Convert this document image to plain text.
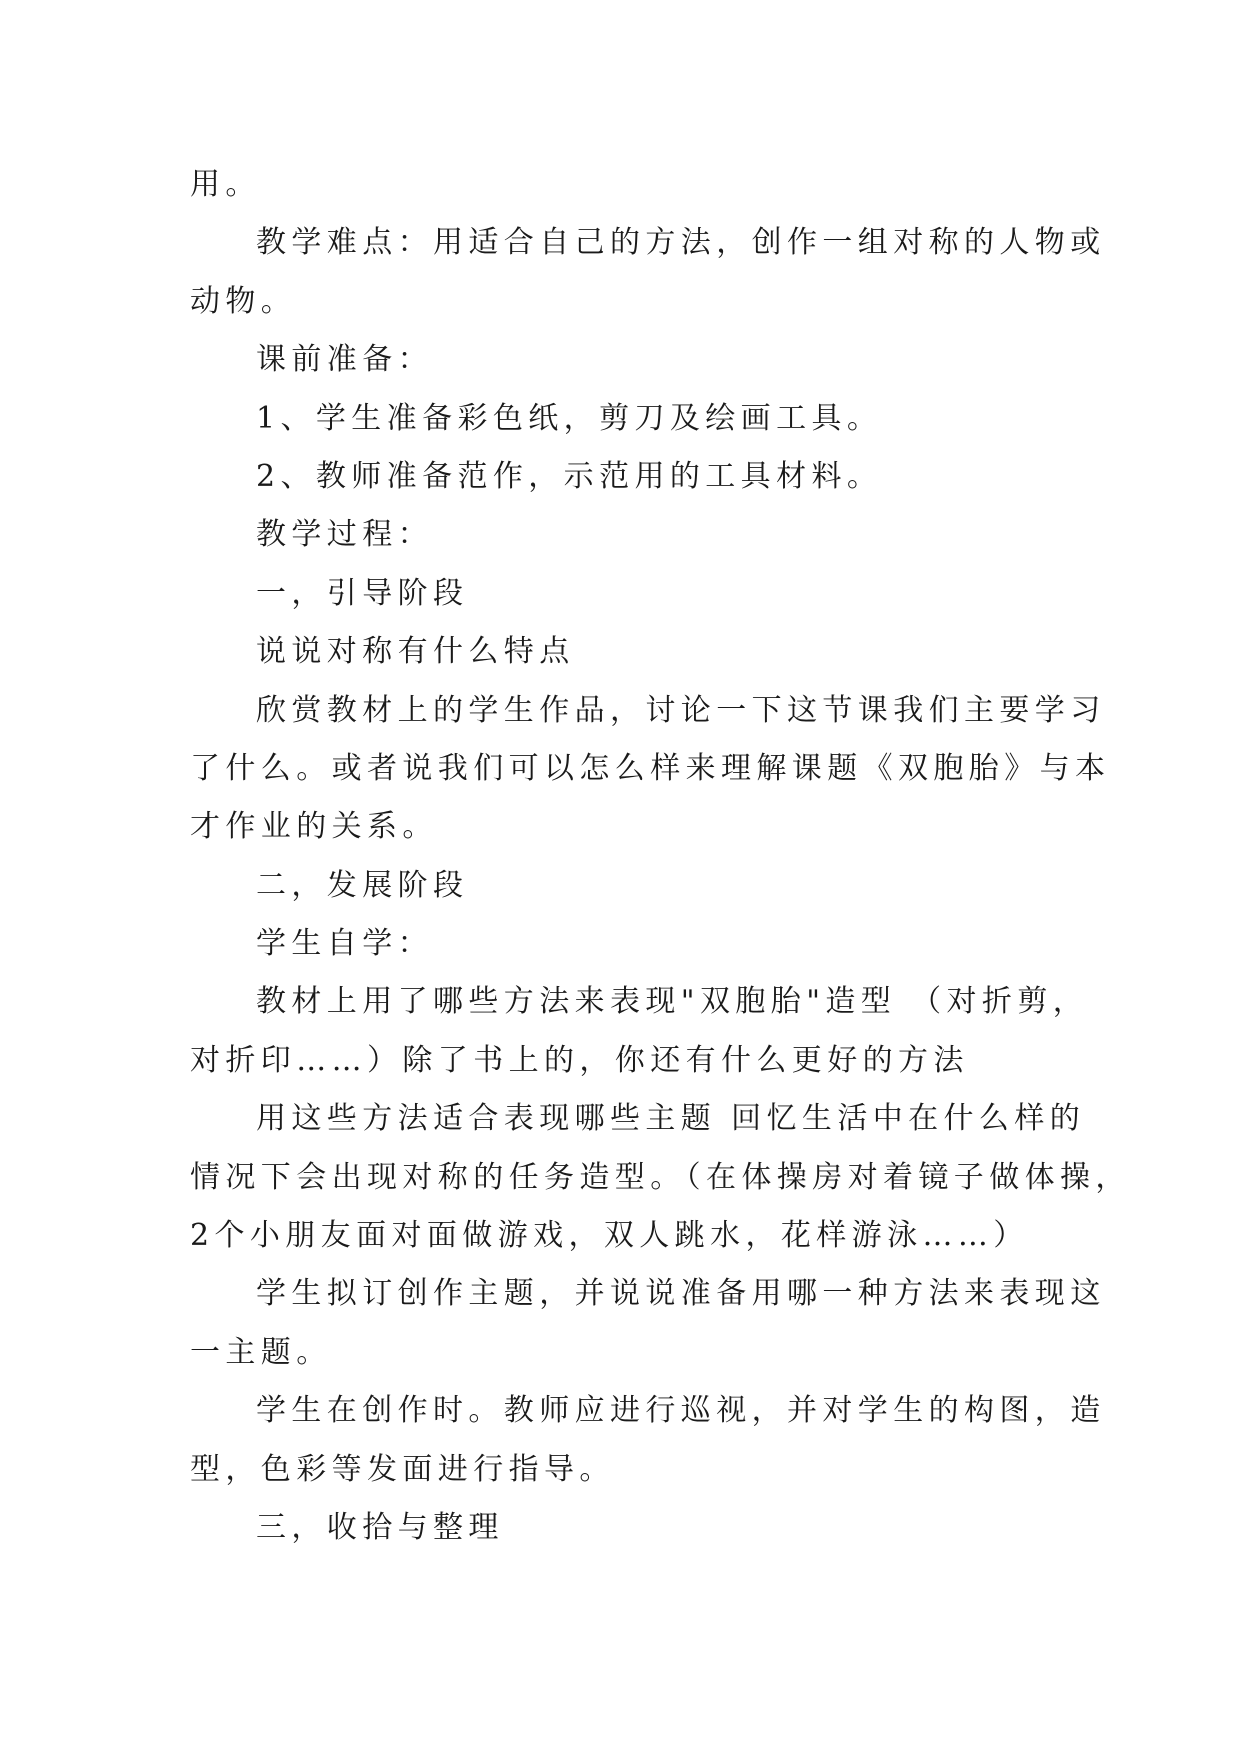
用。
教学难点：用适合自己的方法，创作一组对称的人物或
动物。
课前准备：
1、学生准备彩色纸，剪刀及绘画工具。
2、教师准备范作，示范用的工具材料。
教学过程：
一，引导阶段
说说对称有什么特点
欣赏教材上的学生作品，讨论一下这节课我们主要学习
了什么。或者说我们可以怎么样来理解课题《双胞胎》与本
才作业的关系。
二，发展阶段
学生自学：
教材上用了哪些方法来表现"双胞胎"造型 （对折剪，
对折印……）除了书上的，你还有什么更好的方法
用这些方法适合表现哪些主题 回忆生活中在什么样的
情况下会出现对称的任务造型。（在体操房对着镜子做体操，
2个小朋友面对面做游戏，双人跳水，花样游泳……）
学生拟订创作主题，并说说准备用哪一种方法来表现这
一主题。
学生在创作时。教师应进行巡视，并对学生的构图，造
型，色彩等发面进行指导。
三，收拾与整理
